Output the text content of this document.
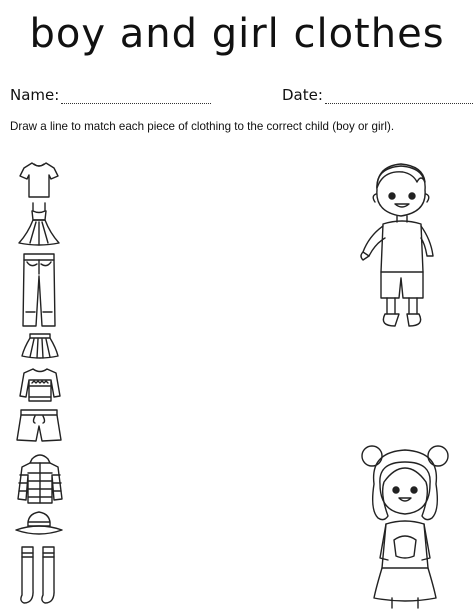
boy and girl clothes
Name:	Date:
Draw a line to match each piece of clothing to the correct child (boy or girl).
